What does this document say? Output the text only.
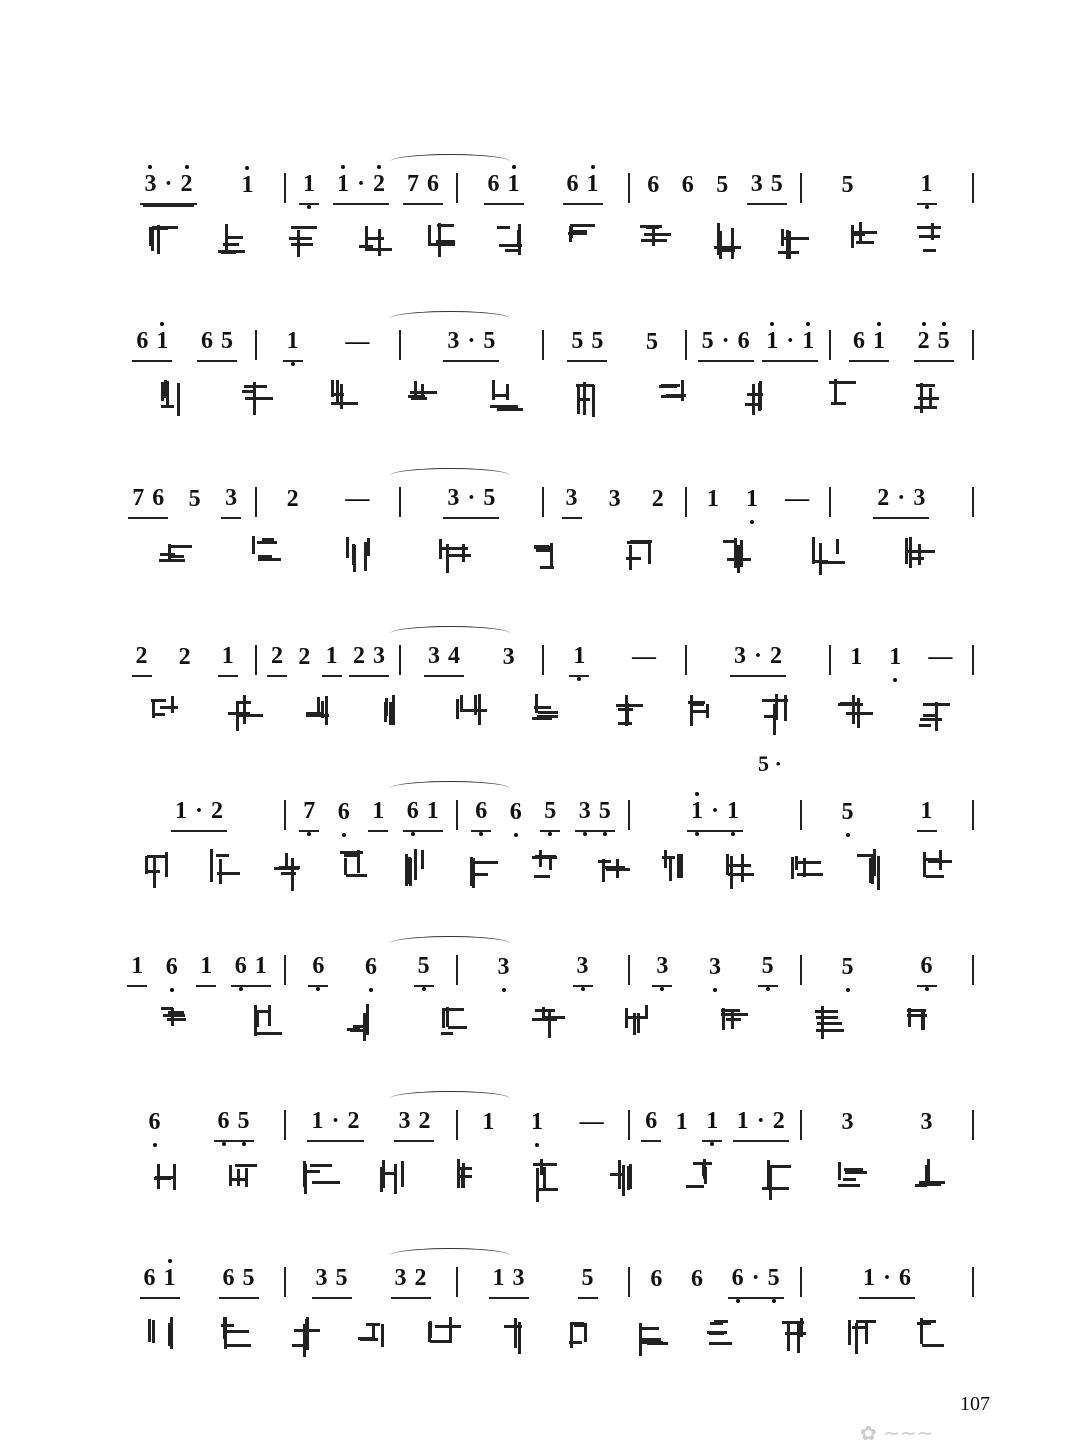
3 · 2 1 1 1 · 2 7 6 6 1 6 1 6 6 5 3 5 5	1
6 1 6 5 1 —	3 · 5	5 5 5 5 · 6 1 · 1 6 1 2 5
7 6 5 3 2 —	3 · 5	3 3 2 1 1 —	2 · 3
2 2 1 2 2 1 2 3 3 4 3 1 —	3 · 2	1 1 —
1 · 2	7 6 1 6 1 6 6 5 3 5	1 · 1	5	1
1 6 1 6 1 6 6 5	3	3	3 3 5	5	6
6 6 5	1 · 2 3 2 1 1 — 6 1 1 1 · 2 3	3
6 1 6 5	3 5 3 2	1 3 5 6 6 6 · 5	1 · 6
5 ·
107
✿ ~~~
